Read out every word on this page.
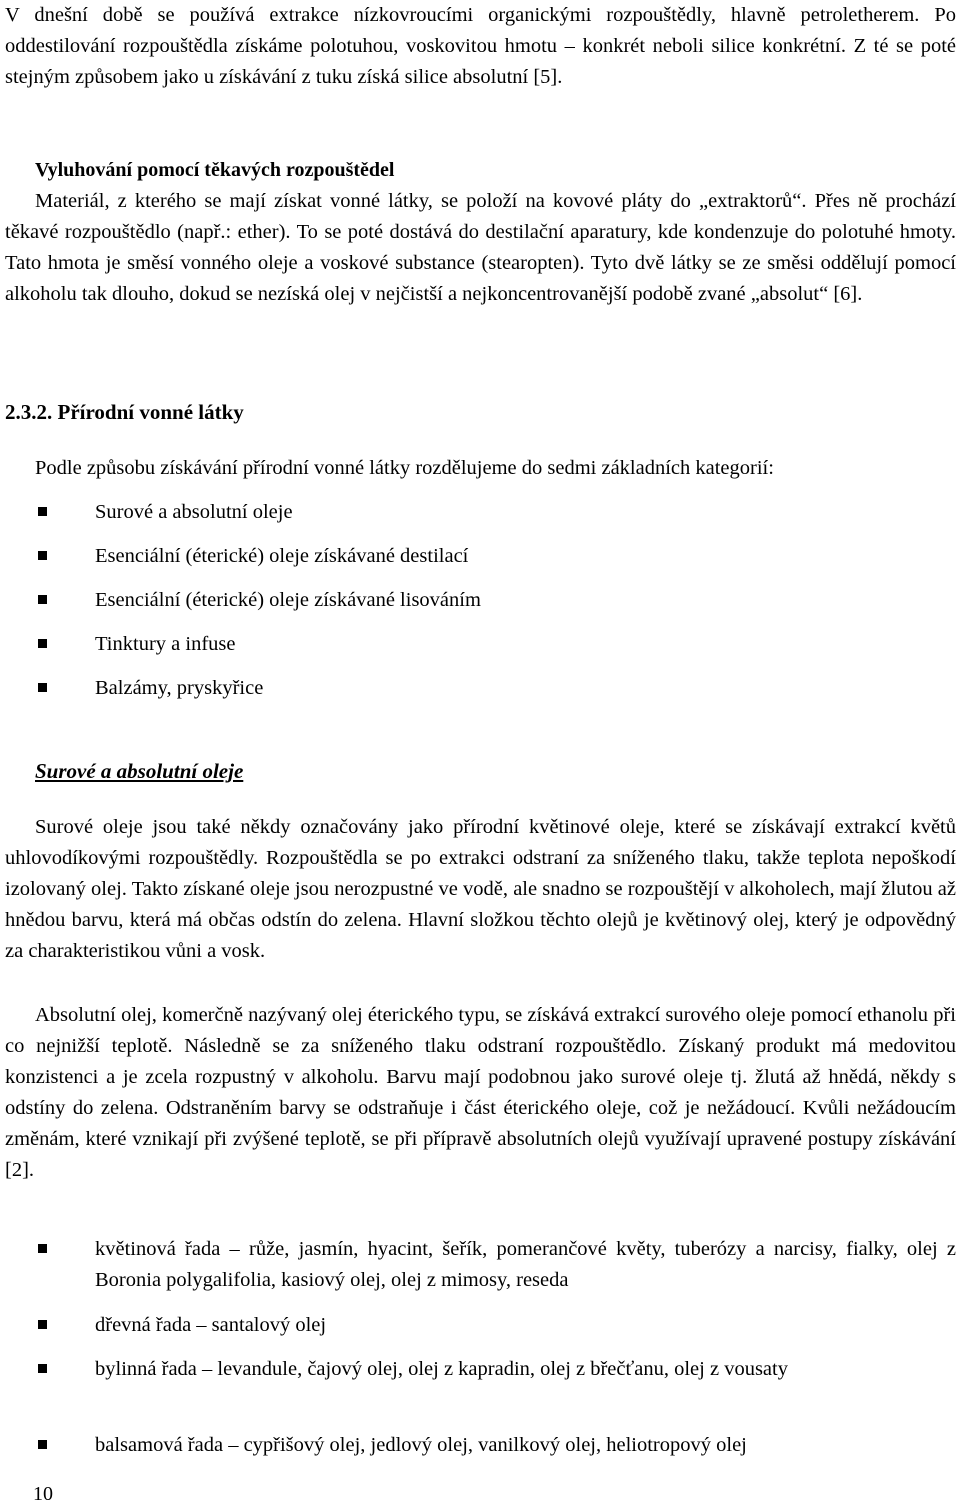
V dnešní době se používá extrakce nízkovroucími organickými rozpouštědly, hlavně petroletherem. Po oddestilování rozpouštědla získáme polotuhou, voskovitou hmotu – konkrét neboli silice konkrétní. Z té se poté stejným způsobem jako u získávání z tuku získá silice absolutní [5].

Vyluhování pomocí těkavých rozpouštědel

Materiál, z kterého se mají získat vonné látky, se položí na kovové pláty do „extraktorů“. Přes ně prochází těkavé rozpouštědlo (např.: ether). To se poté dostává do destilační aparatury, kde kondenzuje do polotuhé hmoty. Tato hmota je směsí vonného oleje a voskové substance (stearopten). Tyto dvě látky se ze směsi oddělují pomocí alkoholu tak dlouho, dokud se nezíská olej v nejčistší a nejkoncentrovanější podobě zvané „absolut“ [6].

2.3.2. Přírodní vonné látky

Podle způsobu získávání přírodní vonné látky rozdělujeme do sedmi základních kategorií:

Surové a absolutní oleje

Esenciální (éterické) oleje získávané destilací

Esenciální (éterické) oleje získávané lisováním

Tinktury a infuse

Balzámy, pryskyřice

Surové a absolutní oleje

Surové oleje jsou také někdy označovány jako přírodní květinové oleje, které se získávají extrakcí květů uhlovodíkovými rozpouštědly. Rozpouštědla se po extrakci odstraní za sníženého tlaku, takže teplota nepoškodí izolovaný olej. Takto získané oleje jsou nerozpustné ve vodě, ale snadno se rozpouštějí v alkoholech, mají žlutou až hnědou barvu, která má občas odstín do zelena. Hlavní složkou těchto olejů je květinový olej, který je odpovědný za charakteristikou vůni a vosk.

Absolutní olej, komerčně nazývaný olej éterického typu, se získává extrakcí surového oleje pomocí ethanolu při co nejnižší teplotě. Následně se za sníženého tlaku odstraní rozpouštědlo. Získaný produkt má medovitou konzistenci a je zcela rozpustný v alkoholu. Barvu mají podobnou jako surové oleje tj. žlutá až hnědá, někdy s odstíny do zelena. Odstraněním barvy se odstraňuje i část éterického oleje, což je nežádoucí. Kvůli nežádoucím změnám, které vznikají při zvýšené teplotě, se při přípravě absolutních olejů využívají upravené postupy získávání [2].

květinová řada – růže, jasmín, hyacint, šeřík, pomerančové květy, tuberózy a narcisy, fialky, olej z Boronia polygalifolia, kasiový olej, olej z mimosy, reseda

dřevná řada – santalový olej

bylinná řada – levandule, čajový olej, olej z kapradin, olej z břečťanu, olej z vousaty

balsamová řada – cypřišový olej, jedlový olej, vanilkový olej, heliotropový olej

10
